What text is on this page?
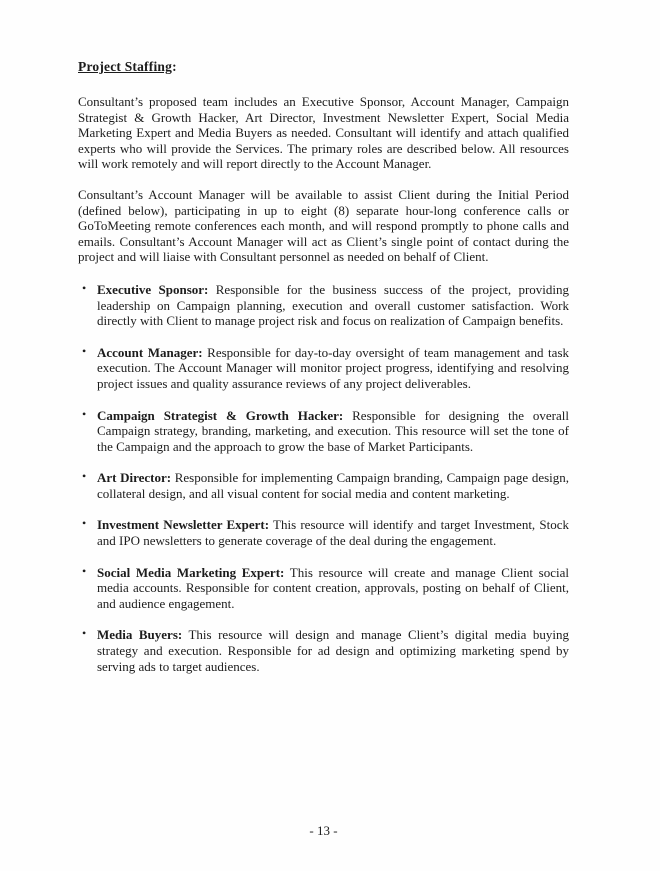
Project Staffing:

Consultant’s proposed team includes an Executive Sponsor, Account Manager, Campaign Strategist & Growth Hacker, Art Director, Investment Newsletter Expert, Social Media Marketing Expert and Media Buyers as needed. Consultant will identify and attach qualified experts who will provide the Services. The primary roles are described below. All resources will work remotely and will report directly to the Account Manager.

Consultant’s Account Manager will be available to assist Client during the Initial Period (defined below), participating in up to eight (8) separate hour-long conference calls or GoToMeeting remote conferences each month, and will respond promptly to phone calls and emails. Consultant’s Account Manager will act as Client’s single point of contact during the project and will liaise with Consultant personnel as needed on behalf of Client.

• Executive Sponsor: Responsible for the business success of the project, providing leadership on Campaign planning, execution and overall customer satisfaction. Work directly with Client to manage project risk and focus on realization of Campaign benefits.
• Account Manager: Responsible for day-to-day oversight of team management and task execution. The Account Manager will monitor project progress, identifying and resolving project issues and quality assurance reviews of any project deliverables.
• Campaign Strategist & Growth Hacker: Responsible for designing the overall Campaign strategy, branding, marketing, and execution. This resource will set the tone of the Campaign and the approach to grow the base of Market Participants.
• Art Director: Responsible for implementing Campaign branding, Campaign page design, collateral design, and all visual content for social media and content marketing.
• Investment Newsletter Expert: This resource will identify and target Investment, Stock and IPO newsletters to generate coverage of the deal during the engagement.
• Social Media Marketing Expert: This resource will create and manage Client social media accounts. Responsible for content creation, approvals, posting on behalf of Client, and audience engagement.
• Media Buyers: This resource will design and manage Client’s digital media buying strategy and execution. Responsible for ad design and optimizing marketing spend by serving ads to target audiences.
- 13 -
